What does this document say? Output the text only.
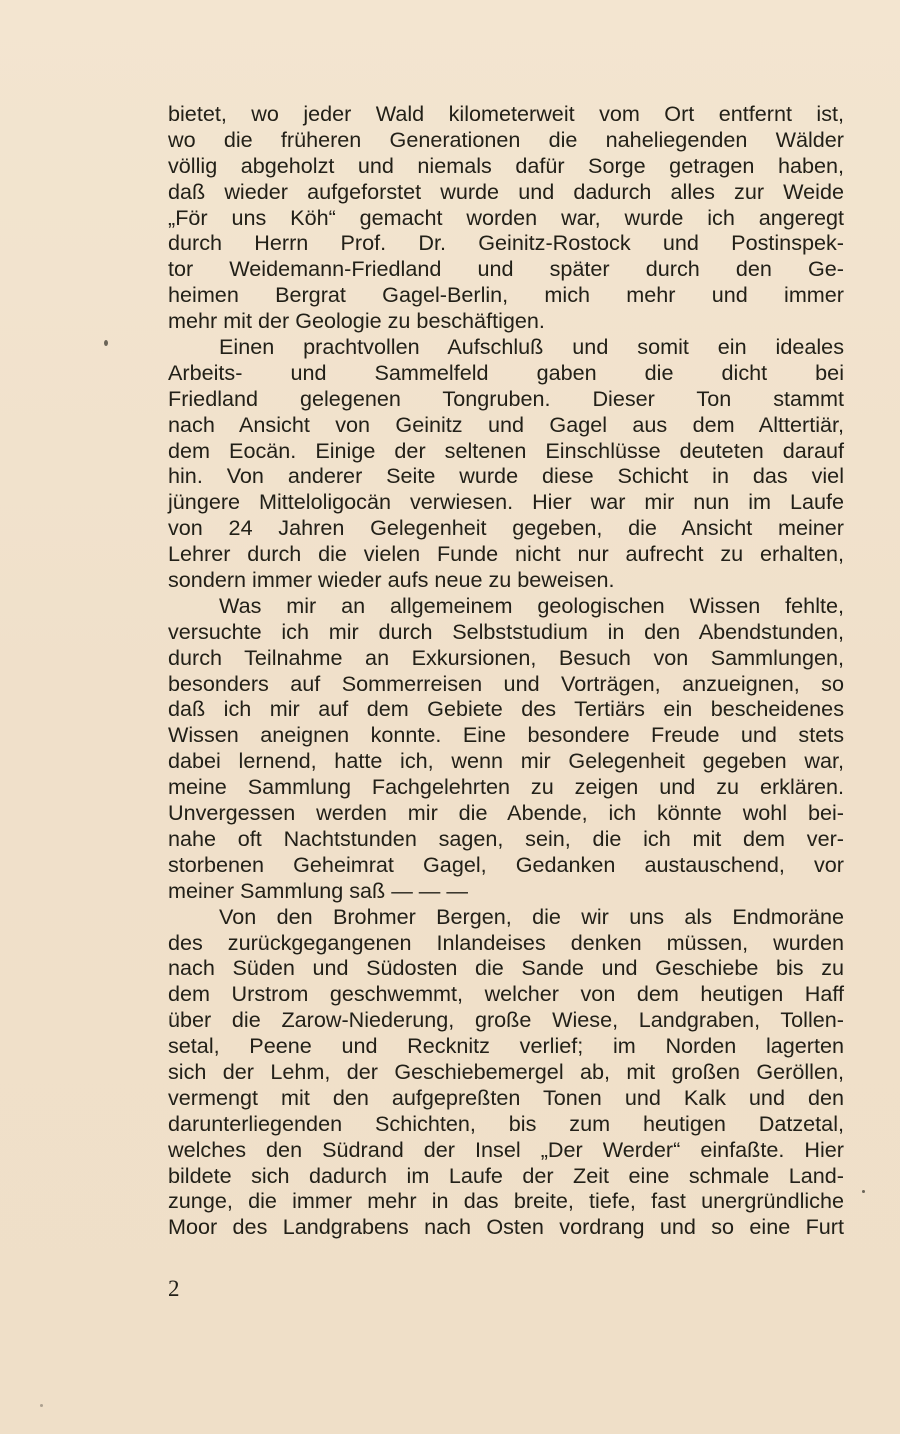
bietet, wo jeder Wald kilometerweit vom Ort entfernt ist,
wo die früheren Generationen die naheliegenden Wälder
völlig abgeholzt und niemals dafür Sorge getragen haben,
daß wieder aufgeforstet wurde und dadurch alles zur Weide
„För uns Köh“ gemacht worden war, wurde ich angeregt
durch Herrn Prof. Dr. Geinitz-Rostock und Postinspek-
tor Weidemann-Friedland und später durch den Ge-
heimen Bergrat Gagel-Berlin, mich mehr und immer
mehr mit der Geologie zu beschäftigen.
Einen prachtvollen Aufschluß und somit ein ideales
Arbeits- und Sammelfeld gaben die dicht bei
Friedland gelegenen Tongruben. Dieser Ton stammt
nach Ansicht von Geinitz und Gagel aus dem Alttertiär,
dem Eocän. Einige der seltenen Einschlüsse deuteten darauf
hin. Von anderer Seite wurde diese Schicht in das viel
jüngere Mitteloligocän verwiesen. Hier war mir nun im Laufe
von 24 Jahren Gelegenheit gegeben, die Ansicht meiner
Lehrer durch die vielen Funde nicht nur aufrecht zu erhalten,
sondern immer wieder aufs neue zu beweisen.
Was mir an allgemeinem geologischen Wissen fehlte,
versuchte ich mir durch Selbststudium in den Abendstunden,
durch Teilnahme an Exkursionen, Besuch von Sammlungen,
besonders auf Sommerreisen und Vorträgen, anzueignen, so
daß ich mir auf dem Gebiete des Tertiärs ein bescheidenes
Wissen aneignen konnte. Eine besondere Freude und stets
dabei lernend, hatte ich, wenn mir Gelegenheit gegeben war,
meine Sammlung Fachgelehrten zu zeigen und zu erklären.
Unvergessen werden mir die Abende, ich könnte wohl bei-
nahe oft Nachtstunden sagen, sein, die ich mit dem ver-
storbenen Geheimrat Gagel, Gedanken austauschend, vor
meiner Sammlung saß — — —
Von den Brohmer Bergen, die wir uns als Endmoräne
des zurückgegangenen Inlandeises denken müssen, wurden
nach Süden und Südosten die Sande und Geschiebe bis zu
dem Urstrom geschwemmt, welcher von dem heutigen Haff
über die Zarow-Niederung, große Wiese, Landgraben, Tollen-
setal, Peene und Recknitz verlief; im Norden lagerten
sich der Lehm, der Geschiebemergel ab, mit großen Geröllen,
vermengt mit den aufgepreßten Tonen und Kalk und den
darunterliegenden Schichten, bis zum heutigen Datzetal,
welches den Südrand der Insel „Der Werder“ einfaßte. Hier
bildete sich dadurch im Laufe der Zeit eine schmale Land-
zunge, die immer mehr in das breite, tiefe, fast unergründliche
Moor des Landgrabens nach Osten vordrang und so eine Furt
2
